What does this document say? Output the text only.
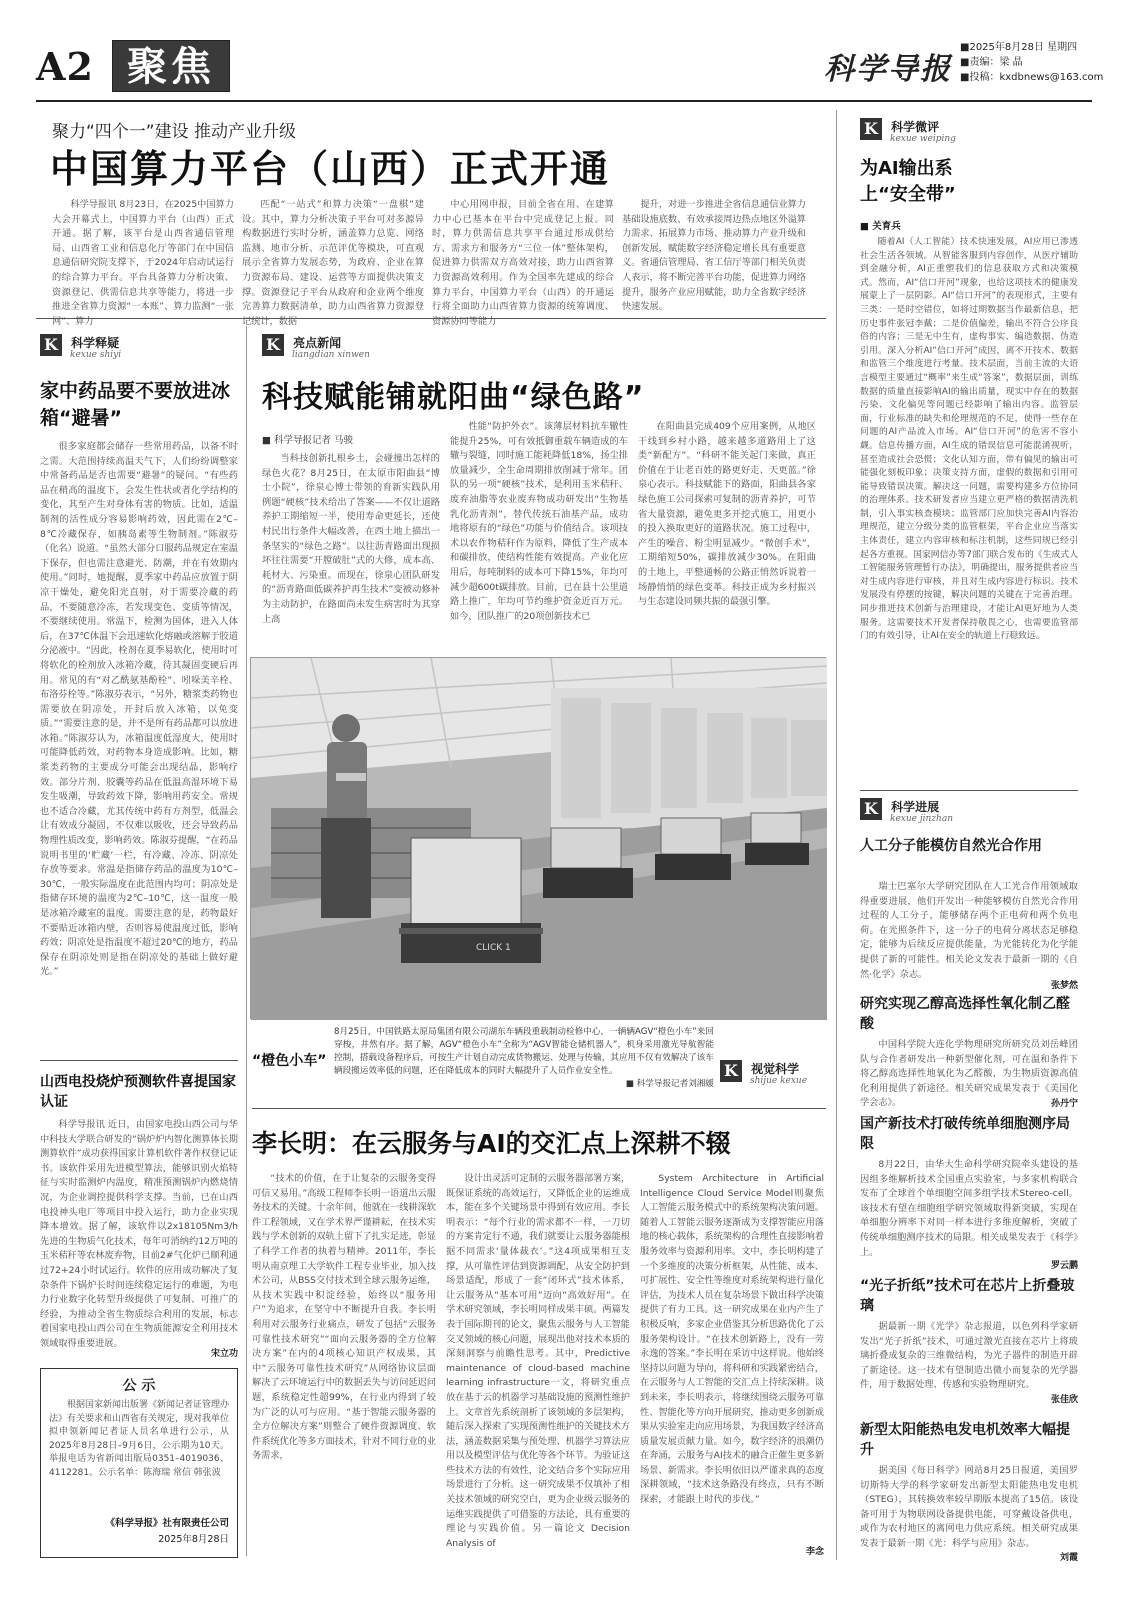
A2 聚焦	科学导报
■2025年8月28日 星期四
■责编：梁 晶
■投稿：kxdbnews@163.com
聚力“四个一”建设 推动产业升级
中国算力平台（山西）正式开通

科学导报讯 8月23日，在2025中国算力大会开幕式上，中国算力平台（山西）正式开通。据了解，该平台是山西省通信管理局、山西省工业和信息化厅等部门在中国信息通信研究院支撑下，于2024年启动试运行的综合算力平台。平台具备算力分析决策、资源登记、供需信息共享等能力，将进一步推进全省算力资源“一本账”、算力监测“一张网”、算力

匹配“一站式”和算力决策“一盘棋”建设。其中，算力分析决策子平台可对多源异构数据进行实时分析，涵盖算力总览、网络监测、地市分析、示范评优等模块，可直观展示全省算力发展态势，为政府、企业在算力资源布局、建设、运营等方面提供决策支撑。资源登记子平台从政府和企业两个维度完善算力数据清单，助力山西省算力资源登记统计，数据

中心用网申报，目前全省在用、在建算力中心已基本在平台中完成登记上报。同时，算力供需信息共享平台通过形成供给方、需求方和服务方“三位一体”整体架构，促进算力供需双方高效对接，助力山西省算力资源高效利用。作为全国率先建成的综合算力平台，中国算力平台（山西）的开通运行将全面助力山西省算力资源的统筹调度、资源协同等能力

提升，对进一步推进全省信息通信业算力基础设施底数、有效承接周边热点地区外溢算力需求、拓展算力市场、推动算力产业升级和创新发展，赋能数字经济稳定增长具有重要意义。省通信管理局、省工信厅等部门相关负责人表示，将不断完善平台功能，促进算力网络提升，服务产业应用赋能，助力全省数字经济快速发展。

K $^{科学释疑}$
kexue shiyi
家中药品要不要放进冰箱“避暑”

很多家庭都会储存一些常用药品，以备不时之需。大范围持续高温天气下，人们纷纷调整家中常备药品是否也需要“避暑”的疑问。“有些药品在稍高的温度下，会发生性状或者化学结构的变化，其至产生对身体有害的物质。比如，适温制剂的活性成分容易影响药效，因此需在2℃–8℃冷藏保存，如胰岛素等生物制剂。”陈淑芬（化名）说道。“虽然大部分口服药品规定在室温下保存，但也需注意避光、防潮，并在有效期内使用。”同时，她提醒，夏季家中药品应放置于阴凉干燥处，避免阳光直射，对于需要冷藏的药品，不要随意冷冻，若发现变色、变质等情况，不要继续使用。常温下，检测为国体，进入人体后，在37℃体温下会迅速软化熔融或溶解于胶道分泌液中。“因此，栓剂在夏季易软化，使用时可将软化的栓剂放入冰箱冷藏，待其凝固变硬后再用。常见的有“对乙酰氨基酚栓”、吲哚美辛栓、布洛芬栓等。”陈淑芬表示，“另外，糖浆类药物也需要放在阴凉处，开封后放入冰箱，以免变质。”“需要注意的是，并不是所有药品都可以放进冰箱。”陈淑芬认为，冰箱温度低湿度大，使用时可能降低药效，对药物本身造成影响。比如，糖浆类药物的主要成分可能会出现结晶，影响疗效。部分片剂、胶囊等药品在低温高湿环境下易发生吸潮，导致药效下降，影响用药安全。常规也不适合冷藏，尤其传统中药有方剂型，低温会让有效成分凝固，不仅难以吸收，还会导致药品物理性质改变，影响药效。陈淑芬提醒，“在药品说明书里的‘贮藏’一栏，有冷藏、冷冻、阴凉处存放等要求。常温是指储存药品的温度为10℃–30℃，一般实际温度在此范围内均可；阴凉处是指储存环境的温度为2℃–10℃，这一温度一般是冰箱冷藏室的温度。需要注意的是，药物最好不要贴近冰箱内壁，否则容易使温度过低，影响药效；阴凉处是指温度不超过20℃的地方，药品保存在阴凉处则是指在阴凉处的基础上做好避光。”

山西电投烧炉预测软件喜提国家认证

科学导报讯 近日，由国家电投山西公司与华中科技大学联合研发的“锅炉炉内智化测算体长期测算软件”成功获得国家计算机软件著作权登记证书。该软件采用先进模型算法，能够识别火焰特征与实时监测炉内温度，精准预测锅炉内燃烧情况，为企业调控提供科学支撑。当前，已在山西电投神头电厂等项目中投入运行，助力企业实现降本增效。据了解，该软件以2x18105Nm3/h 先进的生物质气化技术，每年可消纳约12万吨的玉米秸秆等农林废弃物，目前2#气化炉已顺利通过72+24小时试运行。软件的应用成功解决了复杂条件下锅炉长时间连续稳定运行的难题，为电力行业数字化转型升级提供了可复制、可推广的经验，为推动全省生物质综合利用的发展，标志着国家电投山西公司在生物质能源安全利用技术领域取得重要进展。

宋立功
公 示

根据国家新闻出版署《新闻记者证管理办法》有关要求和山西省有关规定，现对我单位拟申领新闻记者证人员名单进行公示，从2025年8月28日–9月6日，公示期为10天。举报电话为省新闻出版局0351–4019036、4112281。公示名单：陈海瑞 常信 韩张波

《科学导报》社有限责任公司
2025年8月28日
K $^{亮点新闻}$
liangdian xinwen
科技赋能铺就阳曲“绿色路”
■ 科学导报记者 马骏

当科技创新扎根乡土，会碰撞出怎样的绿色火花？8月25日，在太原市阳曲县“博士小院”，徐泉心博士带领的育新实践队用例题“硬核”技术给出了答案——不仅让道路养护工期缩短一半，使用寿命更延长，还使村民出行条件大幅改善，在西土地上描出一条坚实的“绿色之路”。以往沥青路面出现损坏往往需要“开膛破肚”式的大修，成本高、耗材大、污染重。而现在，徐泉心团队研发的“沥青路面低碳养护再生技术”变被动修补为主动防护，在路面尚未发生病害时为其穿上高

性能“防护外衣”。该薄层材料抗车辙性能提升25%，可有效抵御重载车辆造成的车辙与裂缝，同时施工能耗降低18%，扬尘排放量减少，全生命周期排放削减于常年。团队的另一项“硬核”技术，是利用玉米秸秆、废弃油脂等农业废弃物成功研发出“生物基乳化沥青剂”，替代传统石油基产品，成功地将原有的“绿色”功能与价值结合。该项技术以农作物秸秆作为原料，降低了生产成本和碳排放，使结构性能有效提高。产业化应用后，每吨制料的成本可下降15%，年均可减少超600t碳排放。目前，已在县十公里道路上推广，年均可节约维护资金近百万元。如今，团队推广的20项创新技术已

在阳曲县完成409个应用案例，从地区干线到乡村小路，越来越多道路用上了这类“新配方”。“科研不能关起门来做，真正价值在于让老百姓的路更好走、天更蓝。”徐泉心表示。科技赋能下的路面，阳曲县各家绿色施工公司探索可复制的沥青养护，可节省大量资源，避免更多开挖式施工，用更小的投入换取更好的道路状况。施工过程中，产生的噪音、粉尘明显减少。“微创手术”，工期缩短50%，碳排放减少30%。在阳曲的土地上，平整通畅的公路正悄然诉说着一场静悄悄的绿色变革。科技正成为乡村振兴与生态建设同频共振的最强引擎。

CLICK 1
“橙色小车”
8月25日，中国铁路太原局集团有限公司湖东车辆段重载制动检修中心，一辆辆AGV“橙色小车”来回穿梭，井然有序。据了解，AGV“橙色小车”全称为“AGV智能仓储机器人”，机身采用激光导航智能控制，搭载设备程序后，可按生产计划自动完成货物搬运、处理与传输，其应用不仅有效解决了该车辆段搬运效率低的问题，还在降低成本的同时大幅提升了人员作业安全性。
■ 科学导报记者刘湘媛
K $^{视觉科学}$
shijue kexue
李长明：在云服务与AI的交汇点上深耕不辍

“技术的价值，在于让复杂的云服务变得可信又易用。”高级工程师李长明一语道出云服务技术的关键。十余年间，他就在一线耕深软件工程领域，又在学术界严谨耕耘，在技术实践与学术创新的双轨上留下了扎实足迹，彰显了科学工作者的执着与精神。2011年，李长明从南京理工大学软件工程专业毕业，加入技术公司，从BSS交付技术到全球云服务运维，从技术实践中积淀经验，始终以“服务用户”为追求，在坚守中不断提升自我。李长明利用对云服务行业痛点，研发了包括“云服务可靠性技术研究”“面向云服务器的全方位解决方案”在内的4项核心知识产权成果，其中“云服务可靠性技术研究”从网络协议层面解决了云环境运行中的数据丢失与访问延迟问题，系统稳定性超99%，在行业内得到了较为广泛的认可与应用。“基于智能云服务器的全方位解决方案”则整合了硬件资源调度、软件系统优化等多方面技术，针对不同行业的业务需求，

设计出灵活可定制的云服务器部署方案，既保证系统的高效运行，又降低企业的运维成本，能在多个关键场景中得到有效应用。李长明表示：“每个行业的需求都不一样，一刀切的方案肯定行不通，我们就要让云服务器能根据不同需求‘量体裁衣’。”这4项成果相互支撑，从可靠性评估到资源调配，从安全防护到场景适配，形成了一套“闭环式”技术体系，让云服务从“基本可用”迈向“高效好用”。在学术研究领域，李长明同样成果丰硕。两篇发表于国际期刊的论文，聚焦云服务与人工智能交叉领域的核心问题，展现出他对技术本质的深刻洞察与前瞻性思考。其中，Predictive maintenance of cloud-based machine learning infrastructure一文，将研究重点放在基于云的机器学习基础设施的预测性维护上。文章首先系统剖析了该领域的多层架构，随后深入探索了实现预测性维护的关键技术方法，涵盖数据采集与预处理、机器学习算法应用以及模型评估与优化等各个环节。为验证这些技术方法的有效性，论文结合多个实际应用场景进行了分析。这一研究成果不仅填补了相关技术领域的研究空白，更为企业级云服务的运维实践提供了可借鉴的方法论，具有重要的理论与实践价值。另一篇论文 Decision Analysis of

System Architecture in Artificial Intelligence Cloud Service Model则聚焦人工智能云服务模式中的系统架构决策问题。随着人工智能云服务逐渐成为支撑智能应用落地的核心载体，系统架构的合理性直接影响着服务效率与资源利用率。文中，李长明构建了一个多维度的决策分析框架，从性能、成本、可扩展性、安全性等维度对系统架构进行量化评估，为技术人员在复杂场景下做出科学决策提供了有力工具。这一研究成果在业内产生了积极反响，多家企业借鉴其分析思路优化了云服务架构设计。“在技术创新路上，没有一劳永逸的答案。”李长明在采访中这样说。他始终坚持以问题为导向，将科研和实践紧密结合，在云服务与人工智能的交汇点上持续深耕。谈到未来，李长明表示，将继续围绕云服务可靠性、智能化等方向开展研究，推动更多创新成果从实验室走向应用场景，为我国数字经济高质量发展贡献力量。如今，数字经济的浪潮仍在奔涌，云服务与AI技术的融合正催生更多新场景、新需求。李长明依旧以严谨求真的态度深耕领域，“技术这条路没有终点，只有不断探索，才能跟上时代的步伐。”

李念
K $^{科学微评}$
kexue weiping
为AI输出系上“安全带”
■ 关育兵

随着AI（人工智能）技术快速发展，AI应用已渗透社会生活各领域。从智能客服到内容创作，从医疗辅助到金融分析，AI正重塑我们的信息获取方式和决策模式。然而，AI“信口开河”现象，也给这项技术的健康发展蒙上了一层阴影。AI“信口开河”的表现形式，主要有三类：一是时空错位，如将过期数据当作最新信息，把历史事件张冠李戴；二是价值偏差，输出不符合公序良俗的内容；三是无中生有，虚构事实、编造数据、伪造引用。深入分析AI“信口开河”成因，离不开技术、数据和监管三个维度进行考量。技术层面，当前主流的大语言模型主要通过“概率”来生成“答案”，数据层面，训练数据的质量直接影响AI的输出质量，现实中存在的数据污染、文化偏见等问题已经影响了输出内容。监管层面，行业标准的缺失和伦理规范的不足，使得一些存在问题的AI产品流入市场。AI“信口开河”的危害不容小觑。信息传播方面，AI生成的错误信息可能混淆视听，甚至造成社会恐慌；文化认知方面，带有偏见的输出可能强化刻板印象；决策支持方面，虚假的数据和引用可能导致错误决策。解决这一问题，需要构建多方位协同的治理体系。技术研发者应当建立更严格的数据清洗机制，引入事实核查模块；监管部门应加快完善AI内容治理规范，建立分级分类的监管框架，平台企业应当落实主体责任，建立内容审核和标注机制，这些同规已经引起各方重视。国家网信办等7部门联合发布的《生成式人工智能服务管理暂行办法》，明确提出，服务提供者应当对生成内容进行审核，并且对生成内容进行标识。技术发展没有停摆的按键，解决问题的关键在于完善治理。同步推进技术创新与治理建设，才能让AI更好地为人类服务。这需要技术开发者保持敬畏之心，也需要监管部门的有效引导，让AI在安全的轨道上行稳致远。

K $^{科学进展}$
kexue jinzhan
人工分子能模仿自然光合作用

瑞士巴塞尔大学研究团队在人工光合作用领域取得重要进展，他们开发出一种能够模仿自然光合作用过程的人工分子，能够储存两个正电荷和两个负电荷。在光照条件下，这一分子的电荷分离状态足够稳定，能够为后续反应提供能量，为光能转化为化学能提供了新的可能性。相关论文发表于最新一期的《自然·化学》杂志。

张梦然
研究实现乙醇高选择性氧化制乙醛酸

中国科学院大连化学物理研究所研究员刘岳峰团队与合作者研发出一种新型催化剂，可在温和条件下将乙醇高选择性地氧化为乙醛酸，为生物质资源高值化利用提供了新途径。相关研究成果发表于《美国化学会志》。	孙丹宁
国产新技术打破传统单细胞测序局限

8月22日，由华大生命科学研究院牵头建设的基因组多维解析技术全国重点实验室，与多家机构联合发布了全球首个单细胞空间多组学技术Stereo-cell。该技术有望在细胞组学研究领域取得新突破，实现在单细胞分辨率下对同一样本进行多维度解析，突破了传统单细胞测序技术的局限。相关成果发表于《科学》上。

罗云鹏
“光子折纸”技术可在芯片上折叠玻璃

据最新一期《光学》杂志报道，以色列科学家研发出“光子折纸”技术，可通过激光直接在芯片上将玻璃折叠成复杂的三维微结构，为光子器件的制造开辟了新途径。这一技术有望制造出微小而复杂的光学器件，用于数据处理、传感和实验物理研究。

张佳欣
新型太阳能热电发电机效率大幅提升

据美国《每日科学》网站8月25日报道，美国罗切斯特大学的科学家研发出新型太阳能热电发电机（STEG），其转换效率较早期版本提高了15倍。该设备可用于为物联网设备提供电能，可穿戴设备供电，或作为农村地区的离网电力供应系统。相关研究成果发表于最新一期《光：科学与应用》杂志。

刘霞
